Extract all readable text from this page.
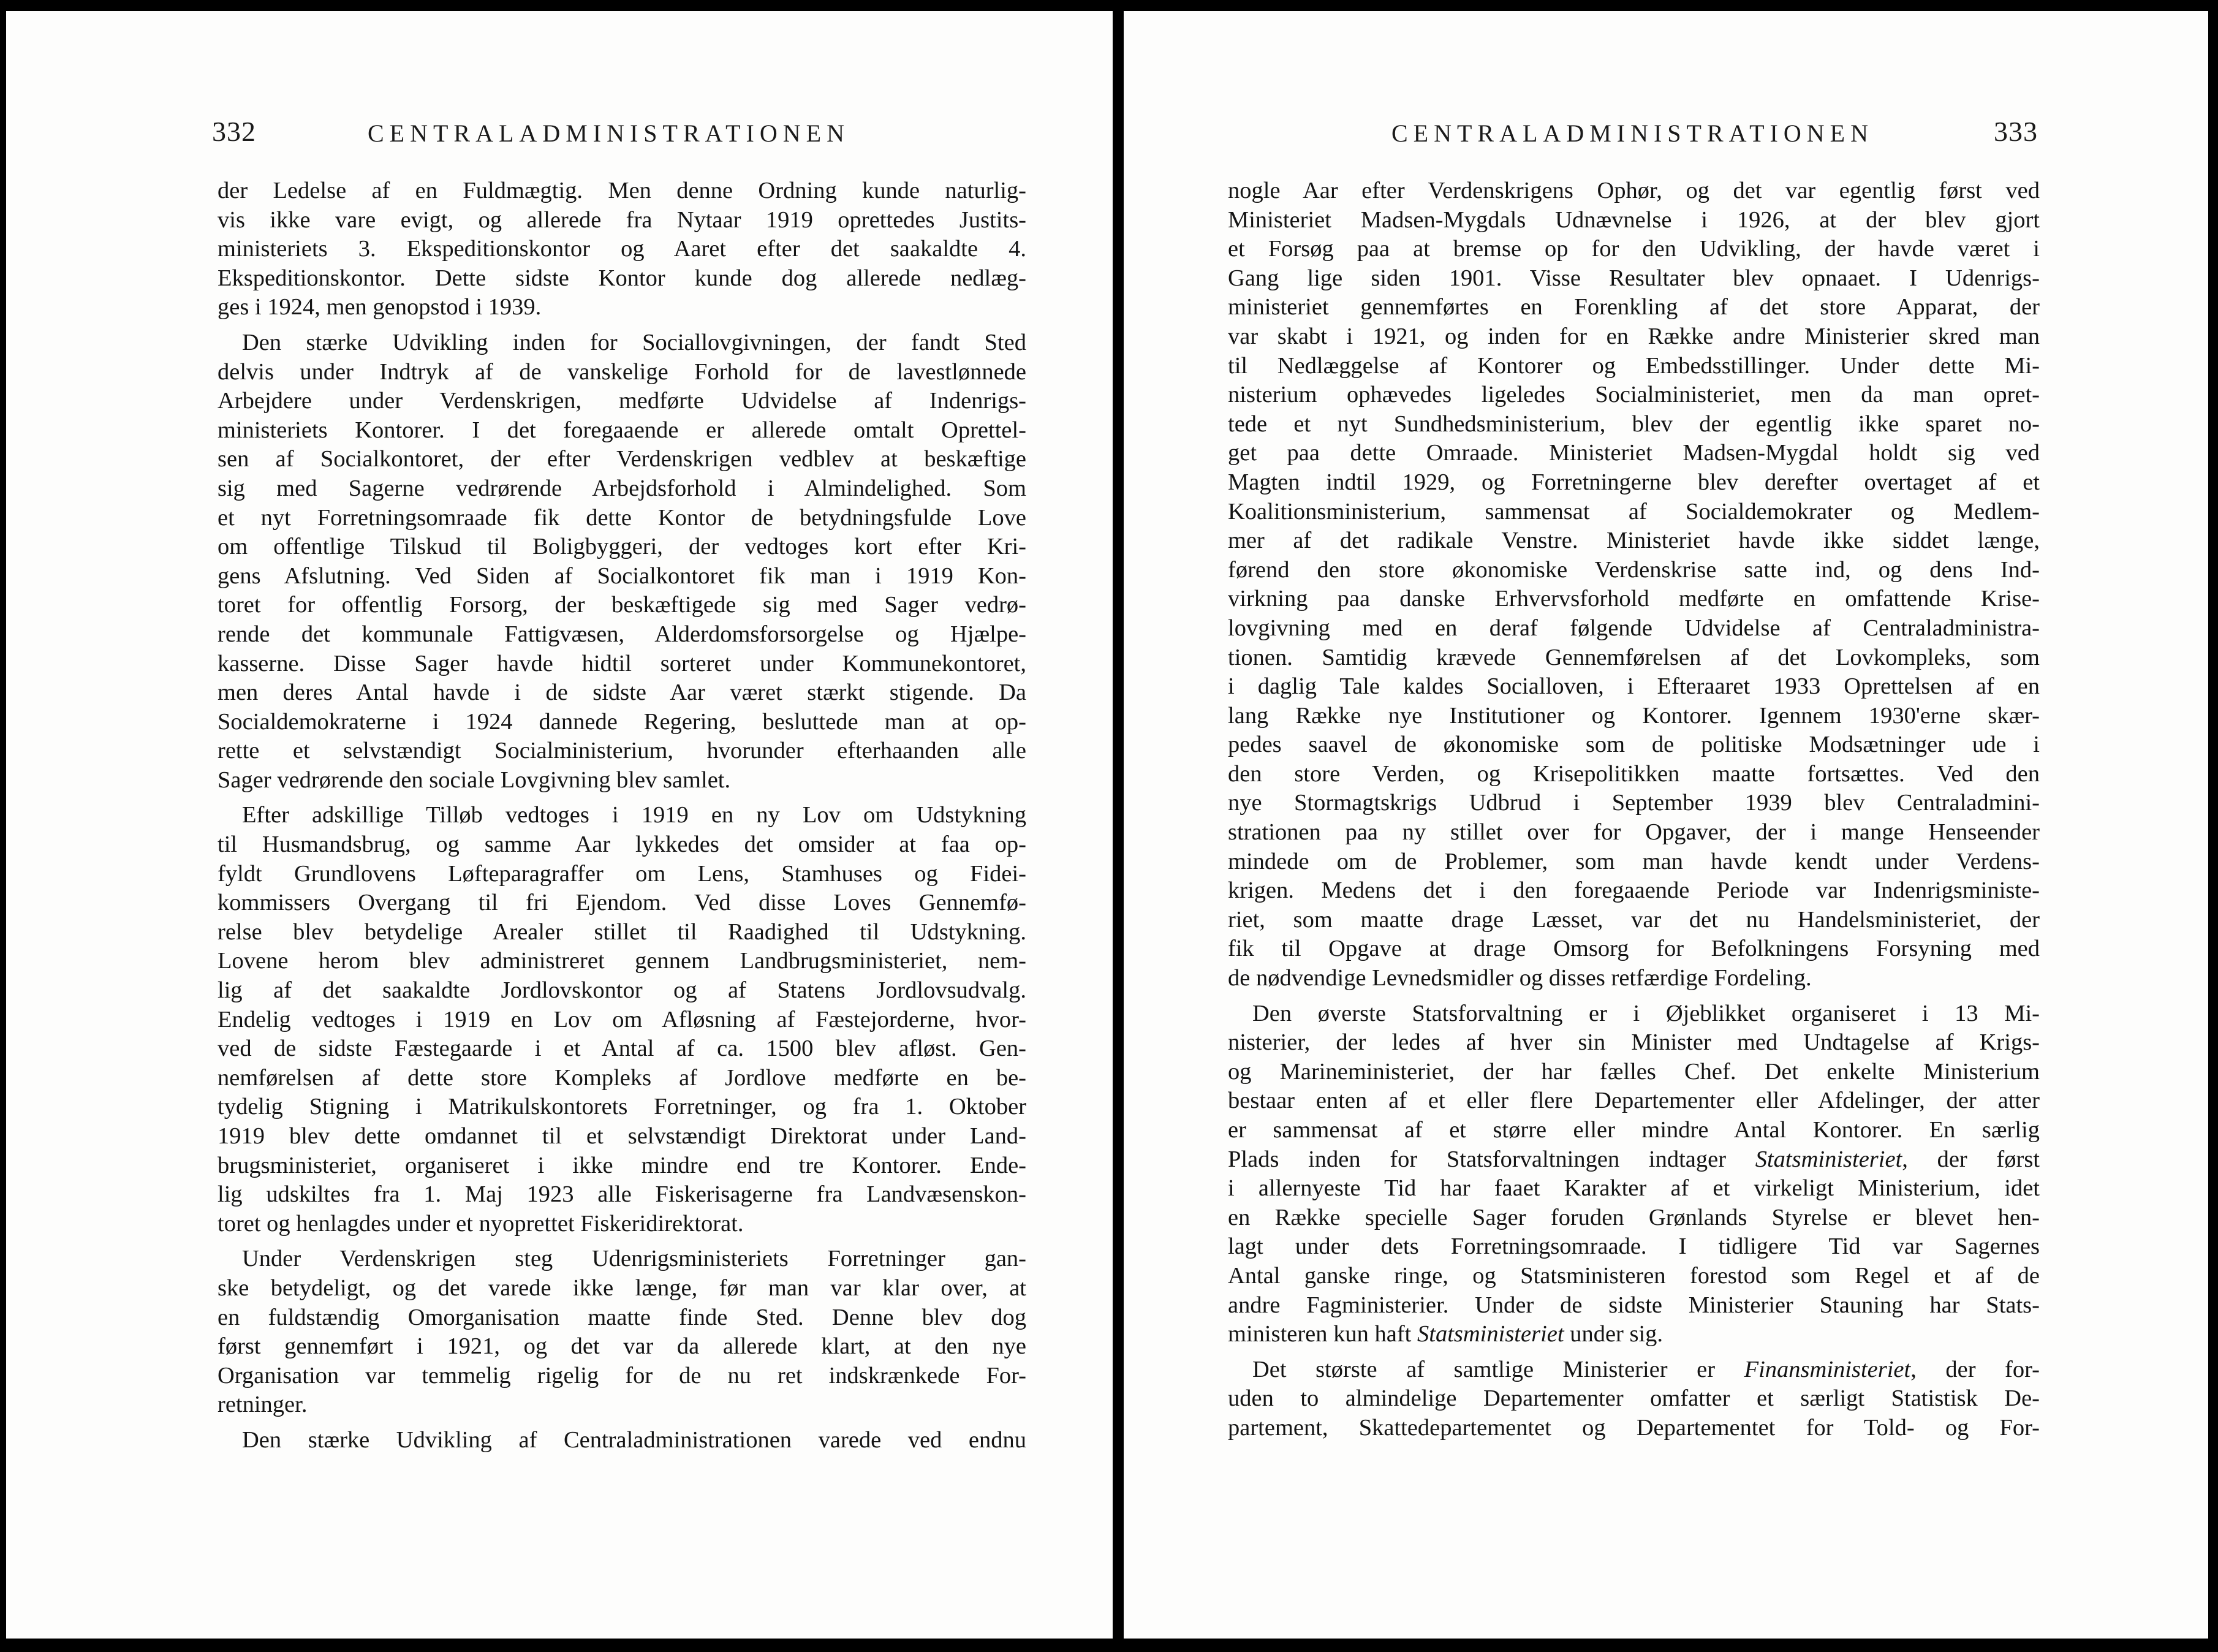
332	CENTRALADMINISTRATIONEN
der Ledelse af en Fuldmægtig. Men denne Ordning kunde naturlig-
vis ikke vare evigt, og allerede fra Nytaar 1919 oprettedes Justits-
ministeriets 3. Ekspeditionskontor og Aaret efter det saakaldte 4.
Ekspeditionskontor. Dette sidste Kontor kunde dog allerede nedlæg-
ges i 1924, men genopstod i 1939.
Den stærke Udvikling inden for Sociallovgivningen, der fandt Sted
delvis under Indtryk af de vanskelige Forhold for de lavestlønnede
Arbejdere under Verdenskrigen, medførte Udvidelse af Indenrigs-
ministeriets Kontorer. I det foregaaende er allerede omtalt Oprettel-
sen af Socialkontoret, der efter Verdenskrigen vedblev at beskæftige
sig med Sagerne vedrørende Arbejdsforhold i Almindelighed. Som
et nyt Forretningsomraade fik dette Kontor de betydningsfulde Love
om offentlige Tilskud til Boligbyggeri, der vedtoges kort efter Kri-
gens Afslutning. Ved Siden af Socialkontoret fik man i 1919 Kon-
toret for offentlig Forsorg, der beskæftigede sig med Sager vedrø-
rende det kommunale Fattigvæsen, Alderdomsforsorgelse og Hjælpe-
kasserne. Disse Sager havde hidtil sorteret under Kommunekontoret,
men deres Antal havde i de sidste Aar været stærkt stigende. Da
Socialdemokraterne i 1924 dannede Regering, besluttede man at op-
rette et selvstændigt Socialministerium, hvorunder efterhaanden alle
Sager vedrørende den sociale Lovgivning blev samlet.
Efter adskillige Tilløb vedtoges i 1919 en ny Lov om Udstykning
til Husmandsbrug, og samme Aar lykkedes det omsider at faa op-
fyldt Grundlovens Løfteparagraffer om Lens, Stamhuses og Fidei-
kommissers Overgang til fri Ejendom. Ved disse Loves Gennemfø-
relse blev betydelige Arealer stillet til Raadighed til Udstykning.
Lovene herom blev administreret gennem Landbrugsministeriet, nem-
lig af det saakaldte Jordlovskontor og af Statens Jordlovsudvalg.
Endelig vedtoges i 1919 en Lov om Afløsning af Fæstejorderne, hvor-
ved de sidste Fæstegaarde i et Antal af ca. 1500 blev afløst. Gen-
nemførelsen af dette store Kompleks af Jordlove medførte en be-
tydelig Stigning i Matrikulskontorets Forretninger, og fra 1. Oktober
1919 blev dette omdannet til et selvstændigt Direktorat under Land-
brugsministeriet, organiseret i ikke mindre end tre Kontorer. Ende-
lig udskiltes fra 1. Maj 1923 alle Fiskerisagerne fra Landvæsenskon-
toret og henlagdes under et nyoprettet Fiskeridirektorat.
Under Verdenskrigen steg Udenrigsministeriets Forretninger gan-
ske betydeligt, og det varede ikke længe, før man var klar over, at
en fuldstændig Omorganisation maatte finde Sted. Denne blev dog
først gennemført i 1921, og det var da allerede klart, at den nye
Organisation var temmelig rigelig for de nu ret indskrænkede For-
retninger.
Den stærke Udvikling af Centraladministrationen varede ved endnu
CENTRALADMINISTRATIONEN	333
nogle Aar efter Verdenskrigens Ophør, og det var egentlig først ved
Ministeriet Madsen-Mygdals Udnævnelse i 1926, at der blev gjort
et Forsøg paa at bremse op for den Udvikling, der havde været i
Gang lige siden 1901. Visse Resultater blev opnaaet. I Udenrigs-
ministeriet gennemførtes en Forenkling af det store Apparat, der
var skabt i 1921, og inden for en Række andre Ministerier skred man
til Nedlæggelse af Kontorer og Embedsstillinger. Under dette Mi-
nisterium ophævedes ligeledes Socialministeriet, men da man opret-
tede et nyt Sundhedsministerium, blev der egentlig ikke sparet no-
get paa dette Omraade. Ministeriet Madsen-Mygdal holdt sig ved
Magten indtil 1929, og Forretningerne blev derefter overtaget af et
Koalitionsministerium, sammensat af Socialdemokrater og Medlem-
mer af det radikale Venstre. Ministeriet havde ikke siddet længe,
førend den store økonomiske Verdenskrise satte ind, og dens Ind-
virkning paa danske Erhvervsforhold medførte en omfattende Krise-
lovgivning med en deraf følgende Udvidelse af Centraladministra-
tionen. Samtidig krævede Gennemførelsen af det Lovkompleks, som
i daglig Tale kaldes Socialloven, i Efteraaret 1933 Oprettelsen af en
lang Række nye Institutioner og Kontorer. Igennem 1930'erne skær-
pedes saavel de økonomiske som de politiske Modsætninger ude i
den store Verden, og Krisepolitikken maatte fortsættes. Ved den
nye Stormagtskrigs Udbrud i September 1939 blev Centraladmini-
strationen paa ny stillet over for Opgaver, der i mange Henseender
mindede om de Problemer, som man havde kendt under Verdens-
krigen. Medens det i den foregaaende Periode var Indenrigsministe-
riet, som maatte drage Læsset, var det nu Handelsministeriet, der
fik til Opgave at drage Omsorg for Befolkningens Forsyning med
de nødvendige Levnedsmidler og disses retfærdige Fordeling.
Den øverste Statsforvaltning er i Øjeblikket organiseret i 13 Mi-
nisterier, der ledes af hver sin Minister med Undtagelse af Krigs-
og Marineministeriet, der har fælles Chef. Det enkelte Ministerium
bestaar enten af et eller flere Departementer eller Afdelinger, der atter
er sammensat af et større eller mindre Antal Kontorer. En særlig
Plads inden for Statsforvaltningen indtager Statsministeriet, der først
i allernyeste Tid har faaet Karakter af et virkeligt Ministerium, idet
en Række specielle Sager foruden Grønlands Styrelse er blevet hen-
lagt under dets Forretningsomraade. I tidligere Tid var Sagernes
Antal ganske ringe, og Statsministeren forestod som Regel et af de
andre Fagministerier. Under de sidste Ministerier Stauning har Stats-
ministeren kun haft Statsministeriet under sig.
Det største af samtlige Ministerier er Finansministeriet, der for-
uden to almindelige Departementer omfatter et særligt Statistisk De-
partement, Skattedepartementet og Departementet for Told- og For-
